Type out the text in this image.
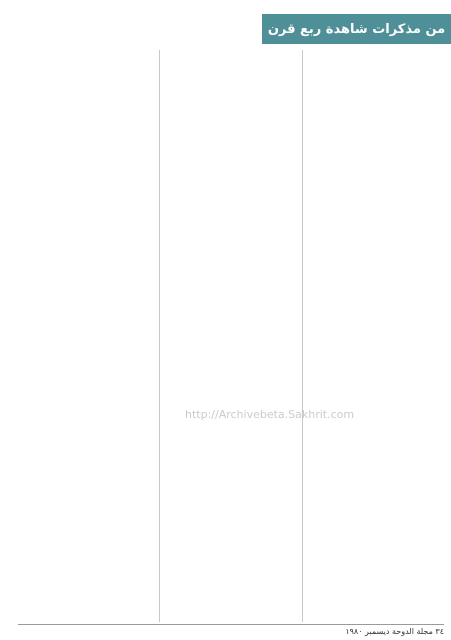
من مذكرات شاهدة ربع قرن
http://Archivebeta.Sakhrit.com
٣٤ مجلة الدوحة ديسمبر ١٩٨٠
